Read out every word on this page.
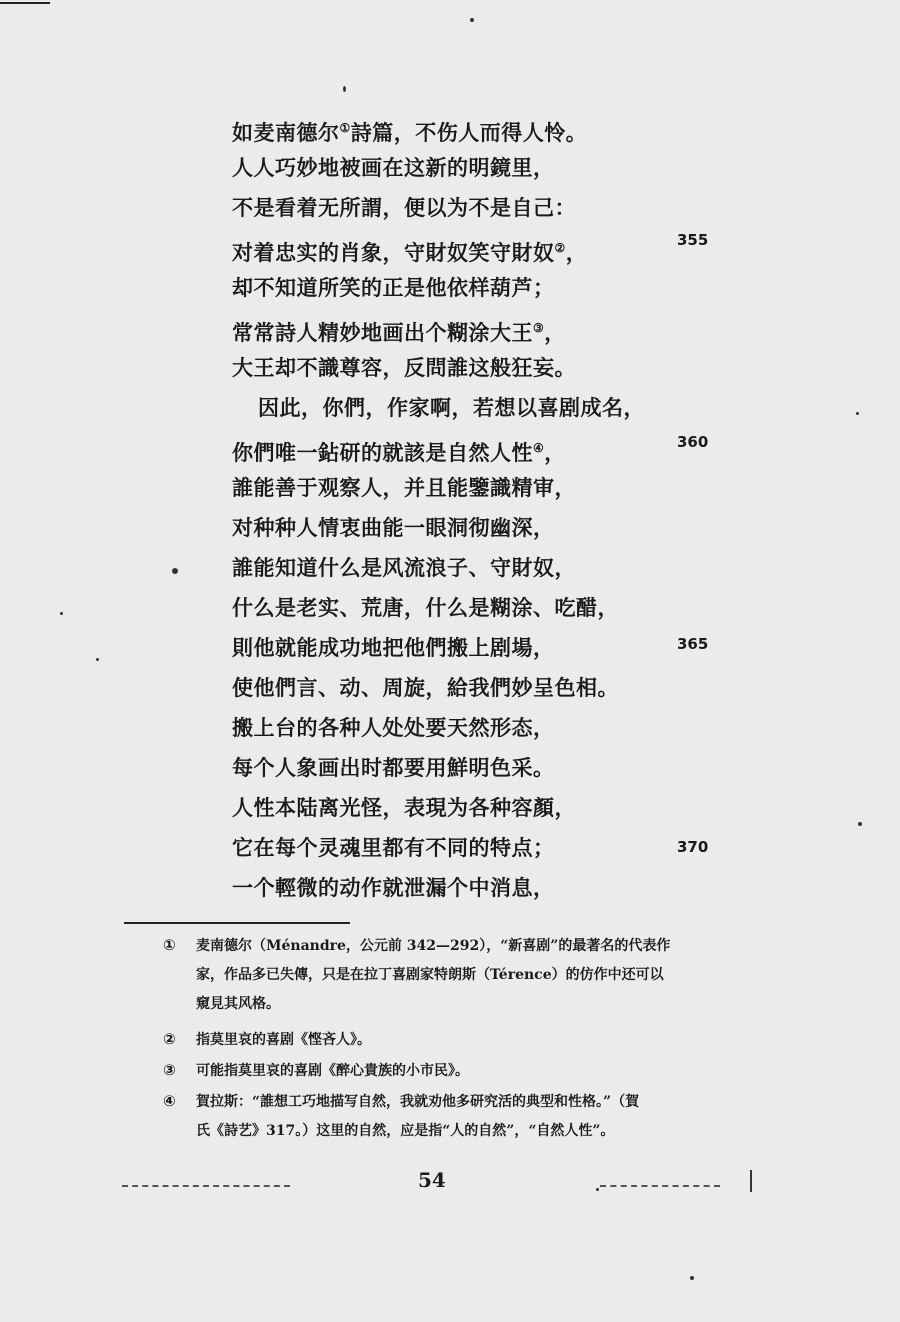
如麦南德尔①詩篇，不伤人而得人怜。
人人巧妙地被画在这新的明鏡里，
不是看着无所謂，便以为不是自己：
对着忠实的肖象，守財奴笑守財奴②，
却不知道所笑的正是他依样葫芦；
常常詩人精妙地画出个糊涂大王③，
大王却不識尊容，反問誰这般狂妄。
因此，你們，作家啊，若想以喜剧成名，
你們唯一鉆研的就該是自然人性④，
誰能善于观察人，并且能鑒識精审，
对种种人情衷曲能一眼洞彻幽深，
誰能知道什么是风流浪子、守財奴，
什么是老实、荒唐，什么是糊涂、吃醋，
則他就能成功地把他們搬上剧場，
使他們言、动、周旋，給我們妙呈色相。
搬上台的各种人处处要天然形态，
每个人象画出时都要用鮮明色采。
人性本陆离光怪，表現为各种容顏，
它在每个灵魂里都有不同的特点；
一个輕微的动作就泄漏个中消息，
355
360
365
370
① 麦南德尔（Ménandre，公元前 342—292），“新喜剧”的最著名的代表作
家，作品多已失傳，只是在拉丁喜剧家特朗斯（Térence）的仿作中还可以
窺見其风格。
② 指莫里哀的喜剧《悭吝人》。
③ 可能指莫里哀的喜剧《醉心貴族的小市民》。
④ 賀拉斯：“誰想工巧地描写自然，我就劝他多研究活的典型和性格。”（賀
氏《詩艺》317。）这里的自然，应是指“人的自然”，“自然人性”。
54
